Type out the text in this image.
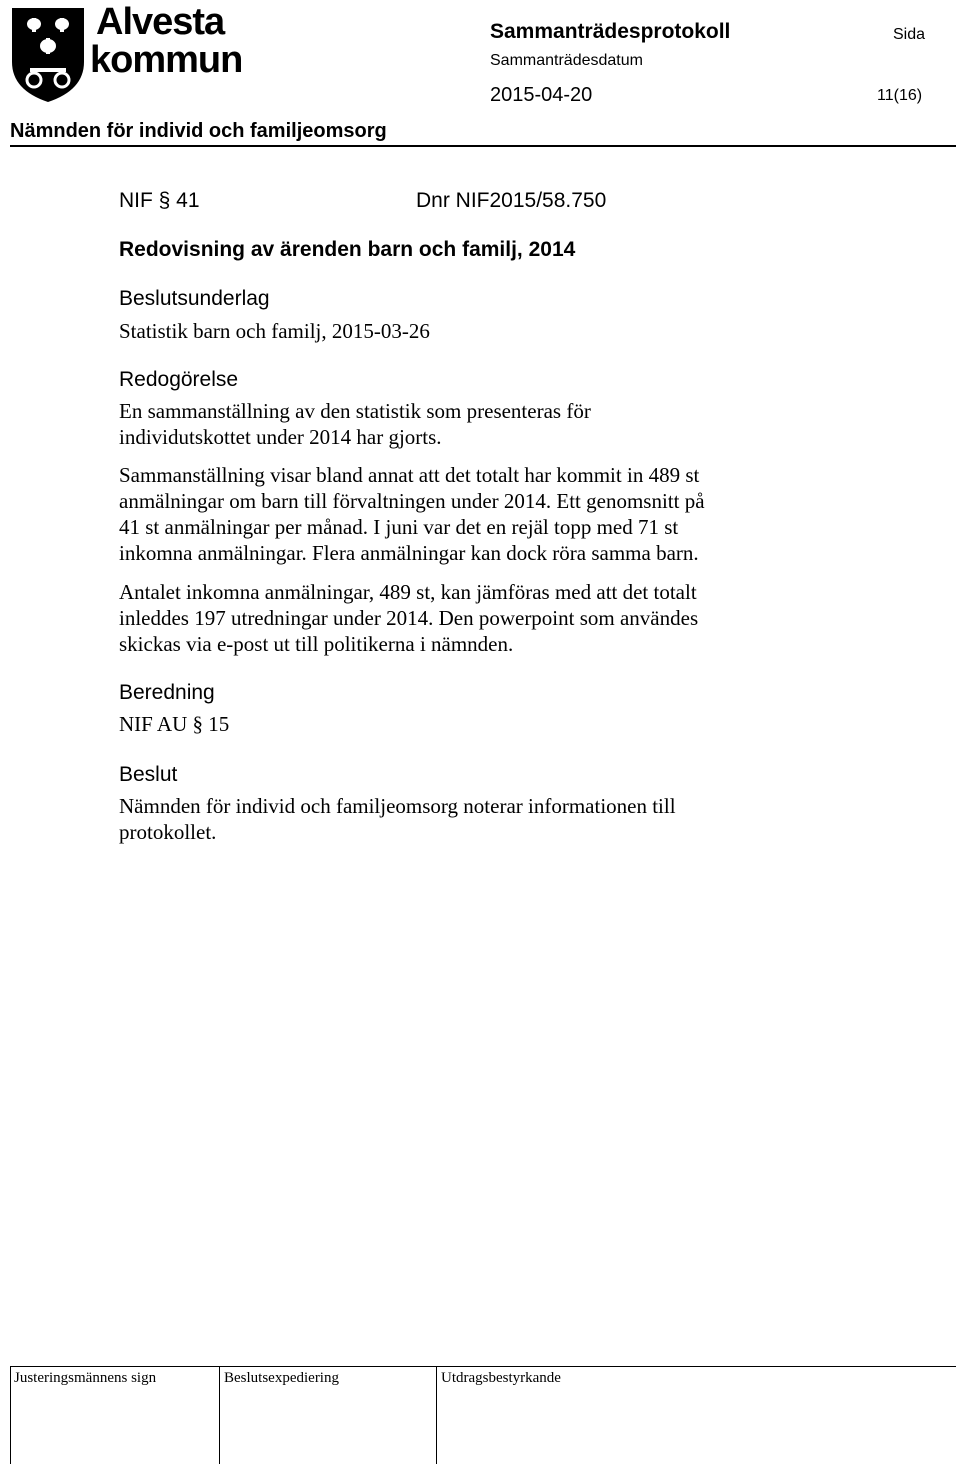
Alvesta
kommun
Sammanträdesprotokoll	Sida
Sammanträdesdatum
2015-04-20	11(16)
Nämnden för individ och familjeomsorg
NIF § 41	Dnr NIF2015/58.750
Redovisning av ärenden barn och familj, 2014
Beslutsunderlag
Statistik barn och familj, 2015-03-26
Redogörelse
En sammanställning av den statistik som presenteras för
individutskottet under 2014 har gjorts.
Sammanställning visar bland annat att det totalt har kommit in 489 st
anmälningar om barn till förvaltningen under 2014. Ett genomsnitt på
41 st anmälningar per månad. I juni var det en rejäl topp med 71 st
inkomna anmälningar. Flera anmälningar kan dock röra samma barn.
Antalet inkomna anmälningar, 489 st, kan jämföras med att det totalt
inleddes 197 utredningar under 2014. Den powerpoint som användes
skickas via e-post ut till politikerna i nämnden.
Beredning
NIF AU § 15
Beslut
Nämnden för individ och familjeomsorg noterar informationen till
protokollet.
Justeringsmännens sign	Beslutsexpediering	Utdragsbestyrkande
